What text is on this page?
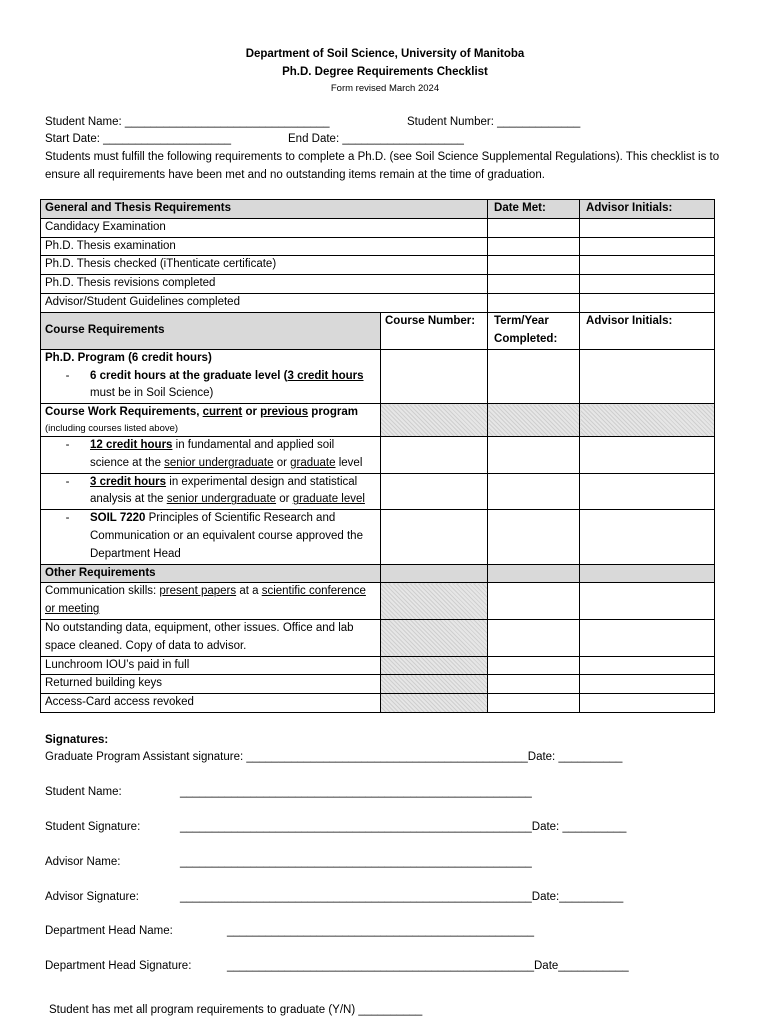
Department of Soil Science, University of Manitoba
Ph.D. Degree Requirements Checklist
Form revised March 2024
Student Name: ________________________________	Student Number: _____________
Start Date: ____________________	End Date: ___________________
Students must fulfill the following requirements to complete a Ph.D. (see Soil Science Supplemental Regulations). This checklist is to ensure all requirements have been met and no outstanding items remain at the time of graduation.
General and Thesis Requirements		Date Met:	Advisor Initials:
Candidacy Examination			
Ph.D. Thesis examination			
Ph.D. Thesis checked (iThenticate certificate)			
Ph.D. Thesis revisions completed			
Advisor/Student Guidelines completed			
Course Requirements	Course Number:	Term/Year Completed:	Advisor Initials:

Ph.D. Program (6 credit hours)
- 6 credit hours at the graduate level (3 credit hours must be in Soil Science)			

Course Work Requirements, current or previous program
(including courses listed above)			

- 12 credit hours in fundamental and applied soil science at the senior undergraduate or graduate level			

- 3 credit hours in experimental design and statistical analysis at the senior undergraduate or graduate level			

- SOIL 7220 Principles of Scientific Research and Communication or an equivalent course approved the Department Head			

Other Requirements			
Communication skills: present papers at a scientific conference or meeting			
No outstanding data, equipment, other issues. Office and lab space cleaned. Copy of data to advisor.			
Lunchroom IOU’s paid in full			
Returned building keys			
Access-Card access revoked			
Signatures:
Graduate Program Assistant signature: ____________________________________________Date: __________
Student Name:	_______________________________________________________
Student Signature:	_______________________________________________________Date: __________
Advisor Name:	_______________________________________________________
Advisor Signature:	_______________________________________________________Date:__________
Department Head Name:	________________________________________________
Department Head Signature:	________________________________________________Date___________
Student has met all program requirements to graduate (Y/N) __________
